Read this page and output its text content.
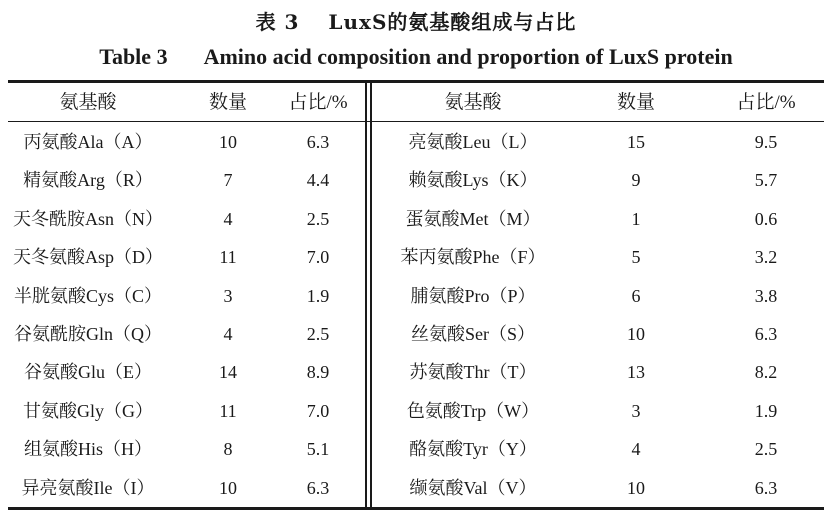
表 3　 LuxS的氨基酸组成与占比
Table 3 Amino acid composition and proportion of LuxS protein
氨基酸	数量	占比/%	氨基酸	数量	占比/%
丙氨酸Ala（A）	10	6.3	亮氨酸Leu（L）	15	9.5
精氨酸Arg（R）	7	4.4	赖氨酸Lys（K）	9	5.7
天冬酰胺Asn（N）	4	2.5	蛋氨酸Met（M）	1	0.6
天冬氨酸Asp（D）	11	7.0	苯丙氨酸Phe（F）	5	3.2
半胱氨酸Cys（C）	3	1.9	脯氨酸Pro（P）	6	3.8
谷氨酰胺Gln（Q）	4	2.5	丝氨酸Ser（S）	10	6.3
谷氨酸Glu（E）	14	8.9	苏氨酸Thr（T）	13	8.2
甘氨酸Gly（G）	11	7.0	色氨酸Trp（W）	3	1.9
组氨酸His（H）	8	5.1	酪氨酸Tyr（Y）	4	2.5
异亮氨酸Ile（I）	10	6.3	缬氨酸Val（V）	10	6.3
